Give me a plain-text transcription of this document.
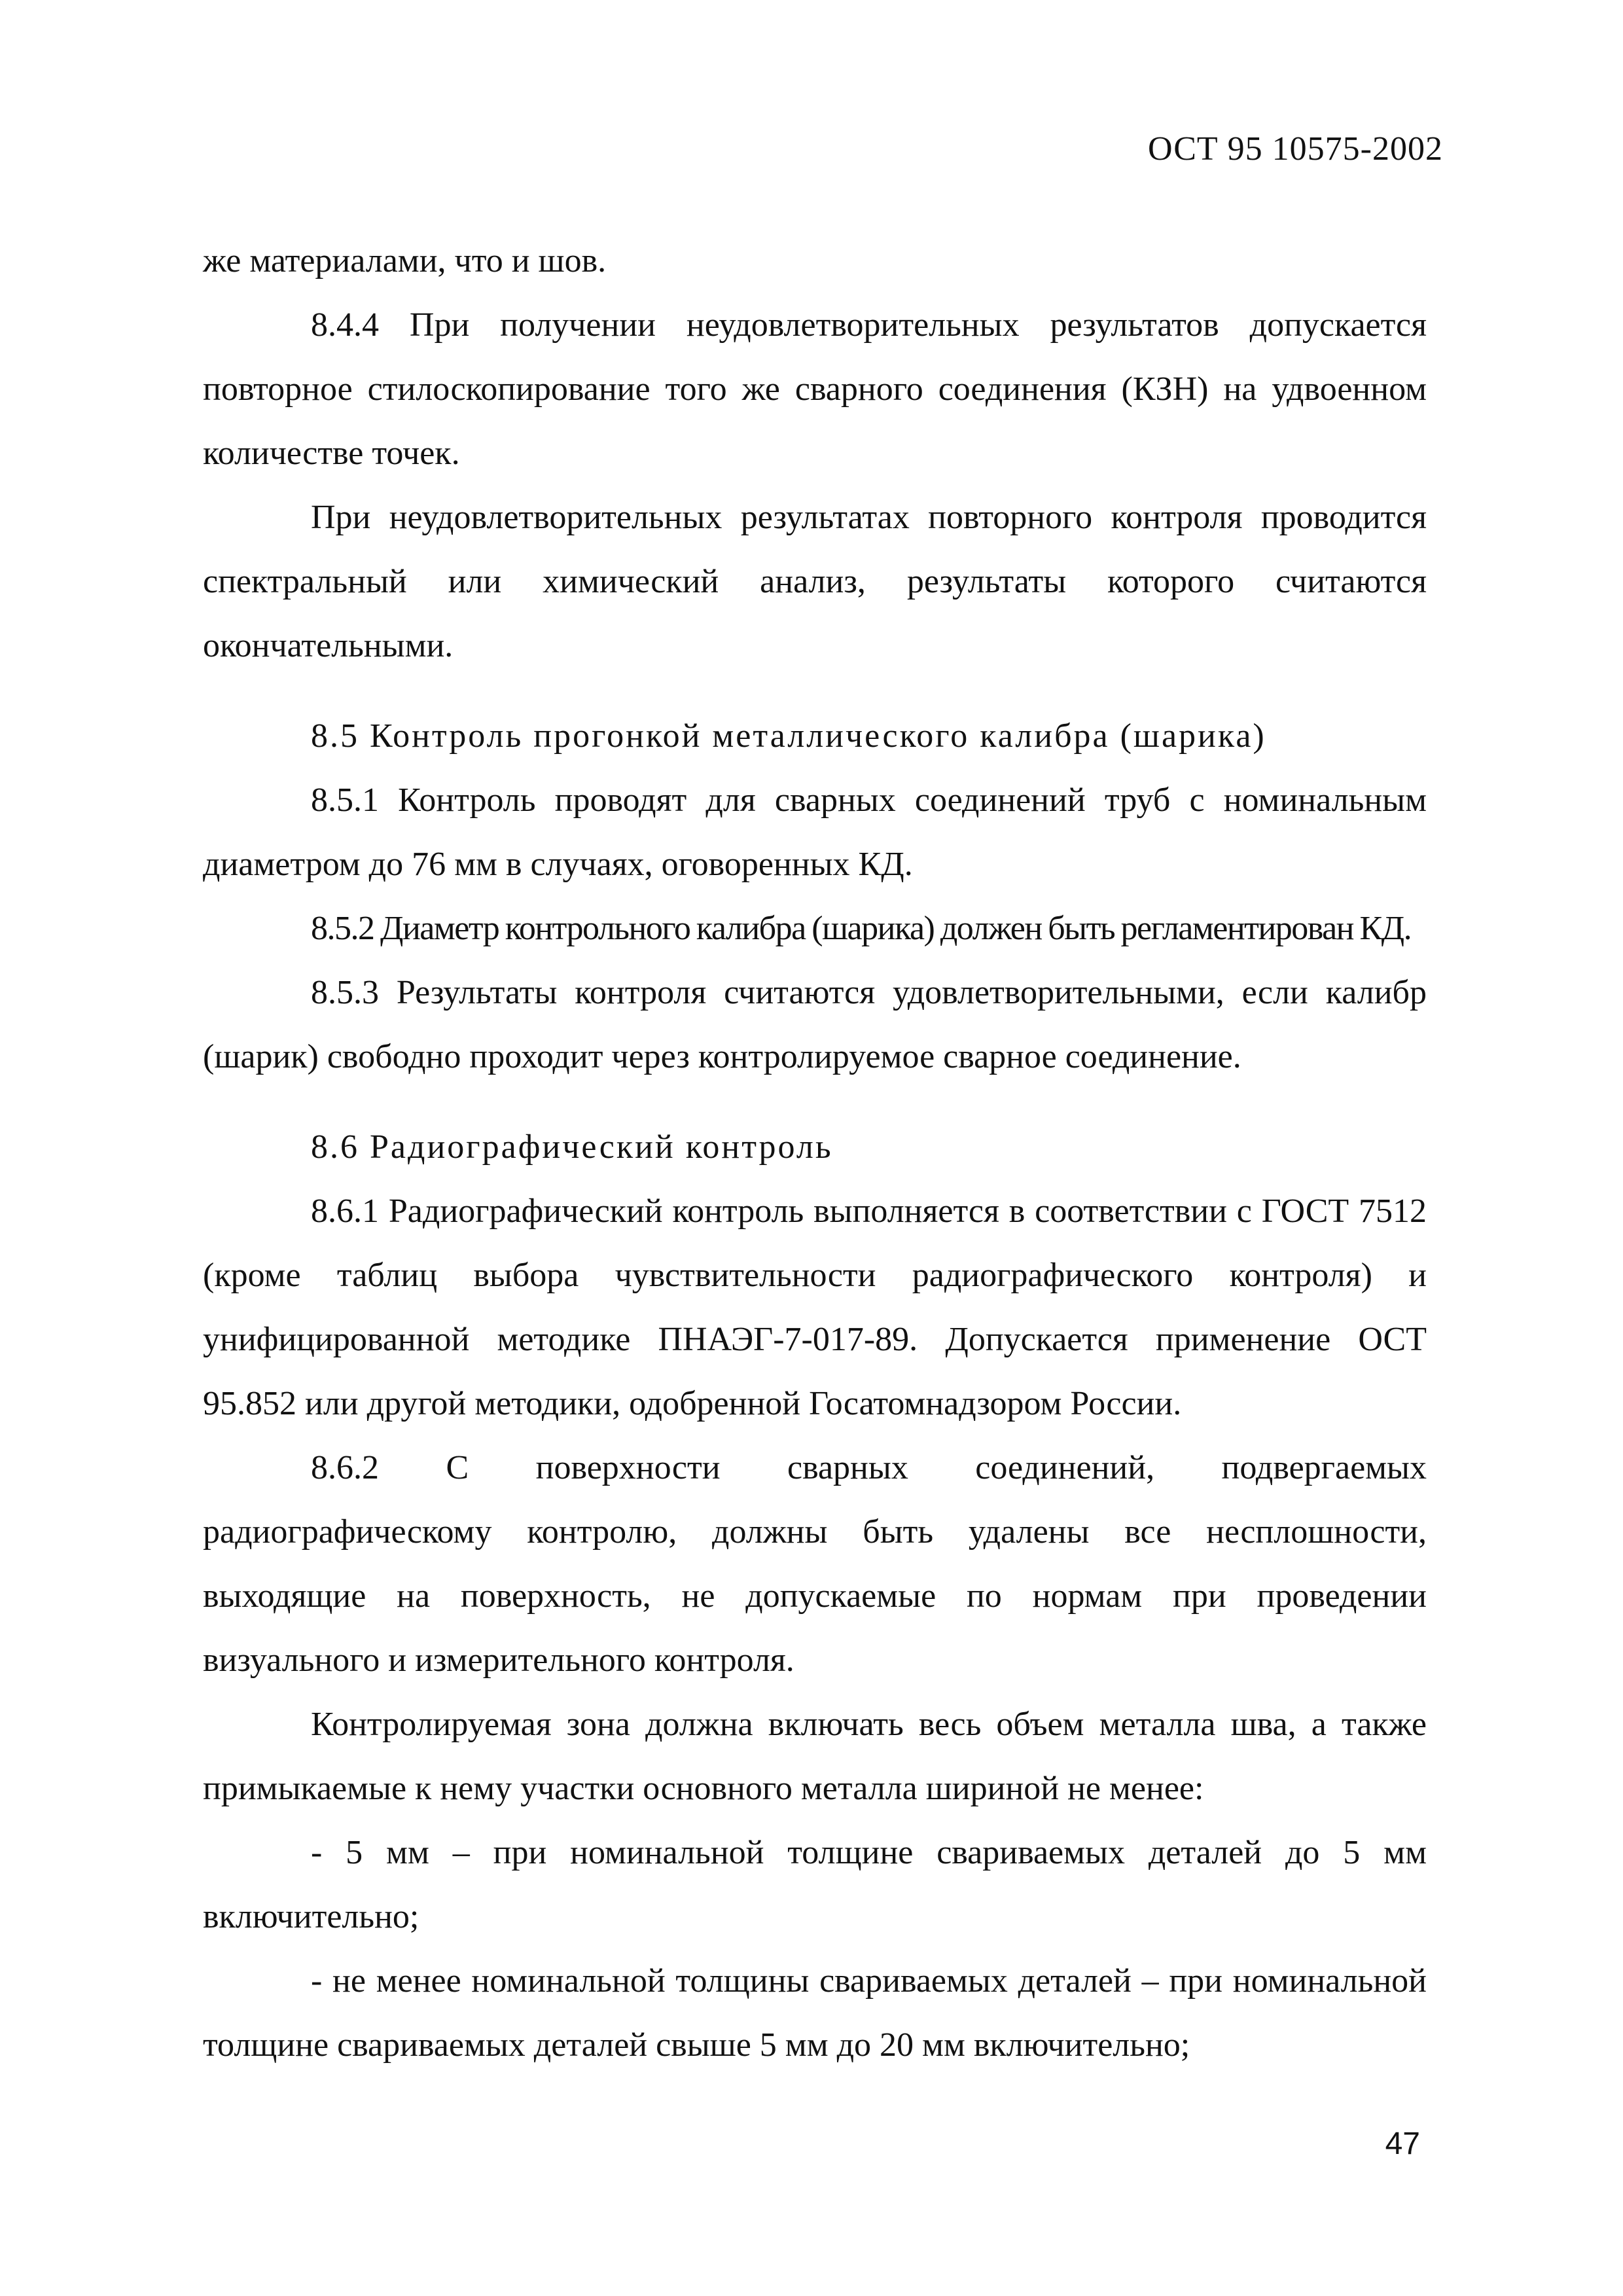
ОСТ 95 10575-2002

же материалами, что и шов.

8.4.4 При получении неудовлетворительных результатов допускается повторное стилоскопирование того же сварного соединения (КЗН) на удвоенном количестве точек.

При неудовлетворительных результатах повторного контроля проводится спектральный или химический анализ, результаты которого считаются окончательными.

8.5 Контроль прогонкой металлического калибра (шарика)

8.5.1 Контроль проводят для сварных соединений труб с номинальным диаметром до 76 мм в случаях, оговоренных КД.

8.5.2 Диаметр контрольного калибра (шарика) должен быть регламентирован КД.

8.5.3 Результаты контроля считаются удовлетворительными, если калибр (шарик) свободно проходит через контролируемое сварное соединение.

8.6 Радиографический контроль

8.6.1 Радиографический контроль выполняется в соответствии с ГОСТ 7512 (кроме таблиц выбора чувствительности радиографического контроля) и унифицированной методике ПНАЭГ-7-017-89. Допускается применение ОСТ 95.852 или другой методики, одобренной Госатомнадзором России.

8.6.2 С поверхности сварных соединений, подвергаемых радиографическому контролю, должны быть удалены все несплошности, выходящие на поверхность, не допускаемые по нормам при проведении визуального и измерительного контроля.

Контролируемая зона должна включать весь объем металла шва, а также примыкаемые к нему участки основного металла шириной не менее:

- 5 мм – при номинальной толщине свариваемых деталей до 5 мм включительно;

- не менее номинальной толщины свариваемых деталей – при номинальной толщине свариваемых деталей свыше 5 мм до 20 мм включительно;

47
